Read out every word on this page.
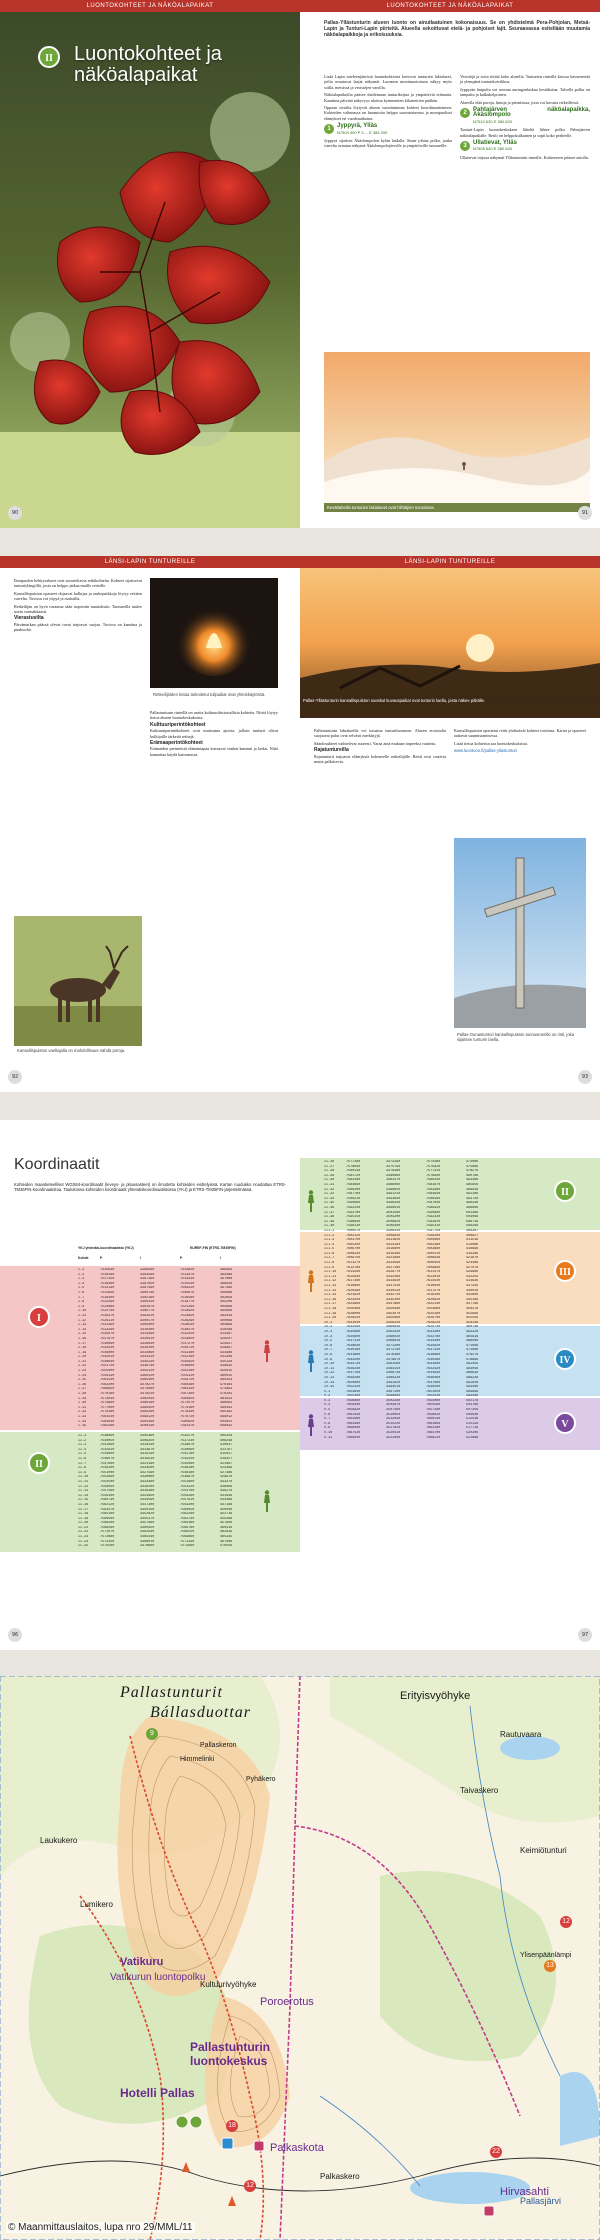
LUONTOKOHTEET JA NÄKÖALAPAIKAT
II	Luontokohteet ja näköalapaikat
90
LUONTOKOHTEET JA NÄKÖALAPAIKAT
Pallas-Yllästunturin alueen luonto on ainutlaatuinen kokonaisuus. Se on yhdistelmä Pera-Pohjolan, Metsä-Lapin ja Tunturi-Lapin piirteitä. Alueella sekoittuvat etelä- ja pohjoiset lajit. Seuraavassa esitellään muutamia näköalapaikkoja ja erikoisuuksia.

Lisää Lapin mieleenjäävistä luontokohteista kertovat tunturien lakialueet, joilta avautuvat laajat näkymät. Luonnon monimuotoisuus näkyy myös soilla, metsissä ja vesistöjen varsilla.

Näköalapaikoilta pääsee ihailemaan tunturiketjua ja ympäröiviä erämaita. Kauniina päivinä näkyvyys ulottuu kymmenien kilometrien päähän.

Oppaan sivuilta löytyvät alueen suosituimmat kohteet koordinaatteineen. Kohteiden valinnassa on huomioitu helppo saavutettavuus ja monipuoliset elämykset eri vuodenaikoina.

1	Jyppyrä, Ylläs
N7504 400 P 3 ... E 384 200

Jyppyrä sijaitsee Äkäslompolon kylän laidalla. Sinne johtaa polku, jonka varrelta avautuu näkymä Äkäslompolojärvelle ja ympäröiville tuntureille.

Vesistöjä ja soita riittää koko alueella. Tunturien rinteillä kasvaa havumetsää ja ylempänä tunturikoivikkoa.

Jyppyrän huipulta voi seurata auringonlaskua kesäiltoina. Talvella polku on tampattu ja kulkukelpoinen.

Alueella elää poroja, lintuja ja pienriistaa, joita voi havaita retkeillessä.

2	Pahtajärven näköalapaikka, Äkäslompolo
N7510 620 E 384 620

Tunturi-Lapin luontokeskuksen läheltä lähtee polku Pahtajärven näköalapaikalle. Reitti on helppokulkuinen ja sopii koko perheelle.

3	Ullatievat, Ylläs
N7505 640 E 380 640

Ullatievat tarjoaa näkymät Yllästunturin rinteille. Kohteeseen pääsee autolla.

Kevättalvella tunturien lakialueet ovat hiihtäjien suosiossa.
91
LÄNSI-LAPIN TUNTUREILLE

Ilmapuolen kehitysalueet ovat suositeltavia retkikohteita. Kohteet sijaitsevat tunturiylängöllä, josta on helppo jatkaa muille reiteille.

Kansallispuiston opasteet ohjaavat kulkijaa ja taukopaikkoja löytyy reittien varrelta. Tuvissa voi yöpyä ja ruokailla.

Retkeilijän on hyvä varautua sään nopeisiin muutoksiin. Tuntureilla tuulee usein voimakkaasti.

Vierastuvilta

Päivämatkan päässä olevat tuvat tarjoavat suojaa. Tuvissa on kamiina ja puuhuolto.

Retkeilijöiden kotaa tarkoitetut tulipaikat ovat yhteiskäytössä.

Pallastunturin rinteillä on useita kulttuurihistoriallisia kohteita. Niistä löytyy tietoa alueen luontokeskuksista.

Kulttuuriperintökohteet

Kulttuuriperintökohteet ovat muistuma ajoista, jolloin tunturit olivat kulkijoille tärkeitä reittejä.

Erämaaperintökohteet

Erämaiden perinteistä elämäntapaa kuvaavat vanhat kammit ja kodat. Niitä kannattaa käydä katsomassa.

Kansallispuiston vaeltajalla on mahdollisuus nähdä poroja.
92
LÄNSI-LAPIN TUNTUREILLE
Pallas-Yllästunturin kansallispuiston suositut kuvauspaikat ovat tunturin laella, josta näkee pitkälle.

Pallastunturin lakialueilla voi tutustua tunturiluontoon. Alueen eroosiolta suojaavat polut ovat selvästi merkittyjä.

Sääolosuhteet vaihtelevat suuresti. Varaa aina mukaan tarpeeksi vaatetta.

Rajatuntureilla

Rajatunturit tarjoavat elämyksiä kokeneelle retkeilijälle. Reitit ovat vaativia mutta palkitsevia.

Kansallispuiston opastetut reitit yhdistävät kohteet toisiinsa. Kartat ja opasteet auttavat suunnistamisessa.

Lisää tietoa kohteista saa luontokeskuksista.

www.luontoon.fi/pallas-yllastunturi

Pallas-Ounastunturi kansallispuiston tunnusmerkki on risti, joka sijaitsee tunturin laella.
93
Koordinaatit
Kohteiden maantieteelliset WGS84-koordinaatit (leveys- ja pituusasteet) on ilmoitettu kohteiden esittelyissä. Kartan ruudukko noudattaa ETRS-TM35FIN-koordinaatistoa. Taulukossa kohteiden koordinaatit yhtenäiskoordinaatistossa (YKJ) ja ETRS-TM35FIN-järjestelmässä.
YKJ yhtenäis-koordinaatisto (YKJ)	EUREF-FIN (ETRS-TM35FIN)
Kohde	P	I	P	I
I
II
I-1	7515640	3389560	7512820	389459
I-2	7516290	3393590	7513470	393489
I-3	7517150	3397190	7514330	397088
I-4	7518360	3397050	7515540	396948
I-5	7512130	3397490	7509310	397389
I-6	7512690	3400790	7509870	400688
I-7	7519400	3402160	7516580	402058
I-8	7522590	3405310	7519770	405208
I-9	7524080	3401070	7521260	400968
I-10	7522740	3395770	7519920	395669
I-11	7526470	3392520	7523650	392419
I-12	7529110	3400170	7526290	400068
I-13	7531360	3405000	7528540	404898
I-14	7533290	3410400	7530470	410298
I-15	7535070	3414490	7532250	414387
I-16	7537670	3420310	7534850	420207
I-17	7540090	3426040	7537270	425937
I-18	7543540	3430100	7540720	429997
I-19	7546000	3434090	7543180	433986
I-20	7545010	3441410	7542190	441306
I-21	7548640	3445230	7545820	445126
I-22	7551720	3449740	7548900	449635
I-23	7555000	3455120	7552180	455015
I-24	7558130	3460120	7555310	460015
I-25	7561540	3465460	7558720	465354
I-26	7563200	3470270	7560380	470164
I-27	7566950	3474090	7564130	473983
I-28	7570180	3478210	7567360	478103
I-29	7572640	3482040	7569820	481933
I-30	7574890	3486190	7572070	486083
I-31	7577000	3490450	7574180	490342
I-32	7579160	3495290	7576340	495182
I-33	7581540	3499120	7578720	499012
I-34	7583640	3504160	7580820	504052
I-35	7585290	3508140	7582470	508032
II-1	7538090	3405360	7535270	405258
II-2	7540050	3406350	7537230	406248
II-3	7541690	3410140	7538870	410037
II-4	7542910	3413870	7540090	413767
II-5	7544600	3415140	7541780	415037
II-6	7546070	3419530	7543250	419427
II-7	7547900	3421190	7545080	421087
II-8	7549100	3424500	7546280	424396
II-9	7551000	3427590	7548180	427486
II-10	7552690	3430080	7549870	429976
II-11	7554500	3433480	7551680	433376
II-12	7556040	3436200	7553220	436096
II-13	7557580	3439380	7554760	439276
II-14	7559100	3441950	7556280	441846
II-15	7560730	3444590	7557910	444486
II-16	7562120	3447300	7559300	447196
II-17	7563470	3450150	7560650	450046
II-18	7565100	3452820	7562280	452716
II-19	7566560	3455370	7563740	455266
II-20	7568200	3457960	7565380	457856
II-21	7569580	3460420	7566760	460316
II-22	7571070	3462940	7568250	462836
II-23	7572680	3465440	7569860	465335
II-24	7574150	3468010	7571330	467906
II-25	7575500	3470660	7572680	470556
96
II-26	7577180	3473190	7574360	473086
II-27	7578640	3475790	7575820	475686
II-28	7580130	3478380	7577310	478276
II-29	7581720	3480890	7578900	480786
II-30	7583160	3483470	7580340	483366
II-31	7584690	3486060	7581870	485956
II-32	7586200	3488650	7583380	488546
II-33	7587760	3491210	7584940	491106
II-34	7589210	3493830	7586390	493726
II-35	7590660	3496440	7587840	496336
II-36	7592240	3499010	7589420	498906
II-37	7593700	3501590	7590880	501486
II-38	7595150	3504200	7592330	504096
II-39	7596640	3506820	7593820	506716
II-40	7598130	3509400	7595310	509296
III-1	7600570	3406410	7597750	406307
III-2	7602120	3409030	7599300	408927
III-3	7603700	3411620	7600880	411516
III-4	7605200	3414190	7602380	414086
III-5	7606700	3416800	7603880	416696
III-6	7608230	3419390	7605410	419286
III-7	7609750	3421980	7606930	421876
III-8	7611270	3424590	7608450	424486
III-9	7612780	3427180	7609960	427076
III-10	7614290	3429770	7611470	429666
III-11	7615830	3432360	7613010	432256
III-12	7617360	3434940	7614540	434836
III-13	7618860	3437530	7616040	437426
III-14	7620390	3440120	7617570	440016
III-15	7621920	3442710	7619100	442606
III-16	7623440	3445300	7620620	445196
III-17	7624960	3447890	7622140	447786
III-18	7626480	3450480	7623660	450376
III-19	7628000	3453070	7625180	452966
III-20	7629520	3455660	7626700	455556
IV-1	7631040	3458250	7628220	458146
IV-2	7632560	3460840	7629740	460736
IV-3	7634080	3463430	7631260	463326
IV-4	7635600	3466020	7632780	465916
IV-5	7637120	3468610	7634300	468506
IV-6	7638640	3471200	7635820	471096
IV-7	7640160	3473790	7637340	473686
IV-8	7641680	3476380	7638860	476276
IV-9	7643200	3478970	7640380	478866
IV-10	7644720	3481560	7641900	481456
IV-11	7646240	3484150	7643420	484046
IV-12	7647760	3486740	7644940	486636
IV-13	7649280	3489330	7646460	489226
IV-14	7650800	3491920	7647980	491816
IV-15	7652320	3494510	7649500	494406
V-1	7653840	3497100	7651020	496996
V-2	7655360	3499690	7652540	499586
V-3	7656880	3502280	7654060	502176
V-4	7658400	3504870	7655580	504766
V-5	7659920	3507460	7657100	507356
V-6	7661440	3510050	7658620	509946
V-7	7662960	3512640	7660140	512536
V-8	7664480	3515230	7661660	515126
V-9	7666000	3517820	7663180	517716
V-10	7667520	3520410	7664700	520306
V-11	7669040	3523000	7666220	522896
II
III
IV
V
97
Pallastunturit
Bállasduottar
Erityisvyöhyke
Pallaskeron
Himmelinki
Pyhäkero
Laukukero
Lumikero
Vatikuru
Vatikurun luontopolku
Pallastunturin luontokeskus
Poroerotus
Kultuurivyöhyke
Hotelli Pallas
Palkaskota
Palkaskero
Pallasjärvi
Hirvasahti
Ylisenpäänlämpi
Rautuvaara
Taivaskero
Keimiötunturi
9
13
12
22
18
12
© Maanmittauslaitos, lupa nro 29/MML/11
